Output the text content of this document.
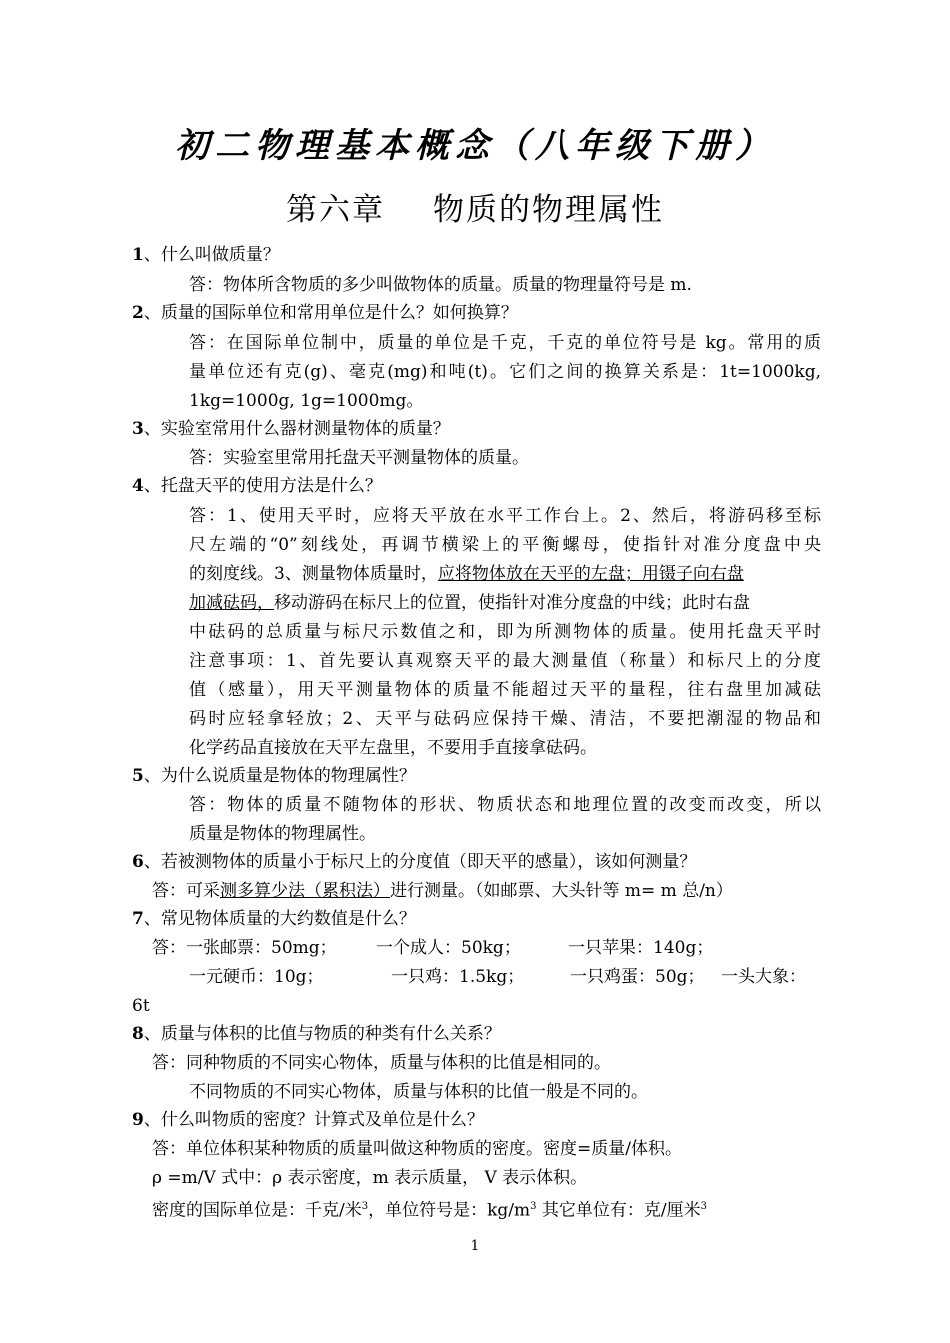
初二物理基本概念（八年级下册）
第六章 物质的物理属性
1、什么叫做质量？
答：物体所含物质的多少叫做物体的质量。质量的物理量符号是 m.
2、质量的国际单位和常用单位是什么？如何换算？
答：在国际单位制中，质量的单位是千克，千克的单位符号是 kg。常用的质
量单位还有克(g)、毫克(mg)和吨(t)。它们之间的换算关系是：1t=1000kg,
1kg=1000g, 1g=1000mg。
3、实验室常用什么器材测量物体的质量？
答：实验室里常用托盘天平测量物体的质量。
4、托盘天平的使用方法是什么？
答：1、使用天平时，应将天平放在水平工作台上。2、然后，将游码移至标
尺左端的“0”刻线处，再调节横梁上的平衡螺母，使指针对准分度盘中央
的刻度线。3、测量物体质量时，应将物体放在天平的左盘；用镊子向右盘
加减砝码，移动游码在标尺上的位置，使指针对准分度盘的中线；此时右盘
中砝码的总质量与标尺示数值之和，即为所测物体的质量。使用托盘天平时
注意事项：1、首先要认真观察天平的最大测量值（称量）和标尺上的分度
值（感量），用天平测量物体的质量不能超过天平的量程，往右盘里加减砝
码时应轻拿轻放；2、天平与砝码应保持干燥、清洁，不要把潮湿的物品和
化学药品直接放在天平左盘里，不要用手直接拿砝码。
5、为什么说质量是物体的物理属性？
答：物体的质量不随物体的形状、物质状态和地理位置的改变而改变，所以
质量是物体的物理属性。
6、若被测物体的质量小于标尺上的分度值（即天平的感量），该如何测量？
答：可采测多算少法（累积法）进行测量。（如邮票、大头针等 m= m 总/n）
7、常见物体质量的大约数值是什么？
答：一张邮票：50mg； 一个成人：50kg；	一只苹果：140g；
一元硬币：10g；	一只鸡：1.5kg；	一只鸡蛋：50g； 一头大象：
6t
8、质量与体积的比值与物质的种类有什么关系？
答：同种物质的不同实心物体，质量与体积的比值是相同的。
不同物质的不同实心物体，质量与体积的比值一般是不同的。
9、什么叫物质的密度？计算式及单位是什么？
答：单位体积某种物质的质量叫做这种物质的密度。密度=质量/体积。
ρ =m/V 式中：ρ 表示密度，m 表示质量， V 表示体积。
密度的国际单位是：千克/米$^3$，单位符号是：$kg/m^3$ 其它单位有：克/厘米$^3$
1
